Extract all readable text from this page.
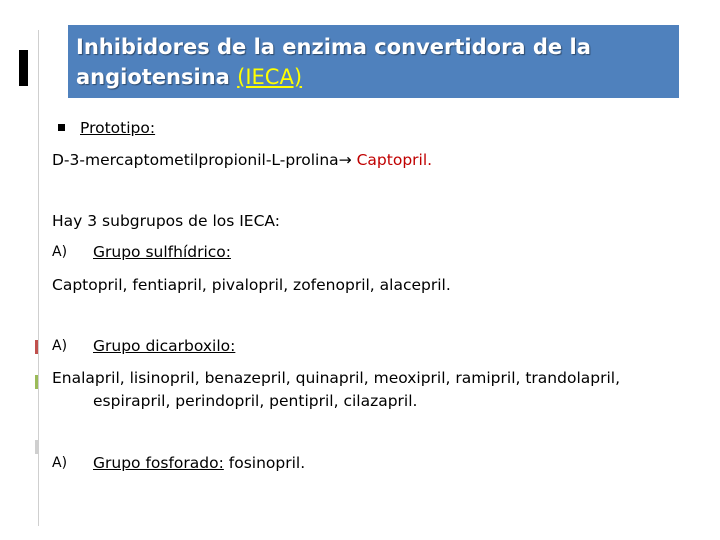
Inhibidores de la enzima convertidora de la
angiotensina (IECA)
Prototipo:
D-3-mercaptometilpropionil-L-prolina→ Captopril.
Hay 3 subgrupos de los IECA:
A) Grupo sulfhídrico:
Captopril, fentiapril, pivalopril, zofenopril, alacepril.
A) Grupo dicarboxilo:
Enalapril, lisinopril, benazepril, quinapril, meoxipril, ramipril, trandolapril,
espirapril, perindopril, pentipril, cilazapril.
A) Grupo fosforado: fosinopril.
